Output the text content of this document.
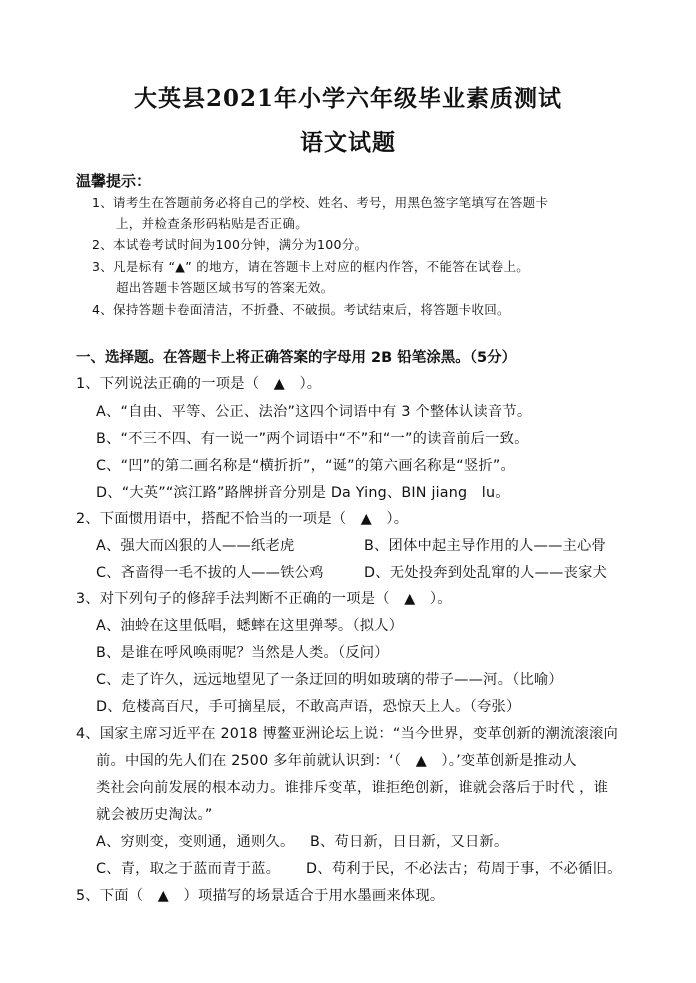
大英县2021年小学六年级毕业素质测试
语文试题
温馨提示：
1、请考生在答题前务必将自己的学校、姓名、考号，用黑色签字笔填写在答题卡
上，并检查条形码粘贴是否正确。
2、本试卷考试时间为100分钟，满分为100分。
3、凡是标有 “▲” 的地方，请在答题卡上对应的框内作答，不能答在试卷上。
超出答题卡答题区域书写的答案无效。
4、保持答题卡卷面清洁，不折叠、不破损。考试结束后，将答题卡收回。
一、选择题。在答题卡上将正确答案的字母用 2B 铅笔涂黑。（5分）
1、下列说法正确的一项是（　▲　）。
A、“自由、平等、公正、法治”这四个词语中有 3 个整体认读音节。
B、“不三不四、有一说一”两个词语中“不”和“一”的读音前后一致。
C、“凹”的第二画名称是“横折折”，“诞”的第六画名称是“竖折”。
D、“大英”“滨江路”路牌拼音分别是 Da Ying、BIN jiang　lu。
2、下面惯用语中，搭配不恰当的一项是（　▲　）。
A、强大而凶狠的人——纸老虎	B、团体中起主导作用的人——主心骨
C、吝啬得一毛不拔的人——铁公鸡	D、无处投奔到处乱窜的人——丧家犬
3、对下列句子的修辞手法判断不正确的一项是（　▲　）。
A、油蛉在这里低唱，蟋蟀在这里弹琴。（拟人）
B、是谁在呼风唤雨呢？当然是人类。（反问）
C、走了许久，远远地望见了一条迂回的明如玻璃的带子——河。（比喻）
D、危楼高百尺，手可摘星辰，不敢高声语，恐惊天上人。（夸张）
4、国家主席习近平在 2018 博鳌亚洲论坛上说：“当今世界，变革创新的潮流滚滚向
前。中国的先人们在 2500 多年前就认识到：‘（　▲　）。’变革创新是推动人
类社会向前发展的根本动力。谁排斥变革，谁拒绝创新，谁就会落后于时代 ，谁
就会被历史淘汰。”
A、穷则变，变则通，通则久。 B、苟日新，日日新，又日新。
C、青，取之于蓝而青于蓝。 D、苟利于民，不必法古；苟周于事，不必循旧。
5、下面（　▲　）项描写的场景适合于用水墨画来体现。
